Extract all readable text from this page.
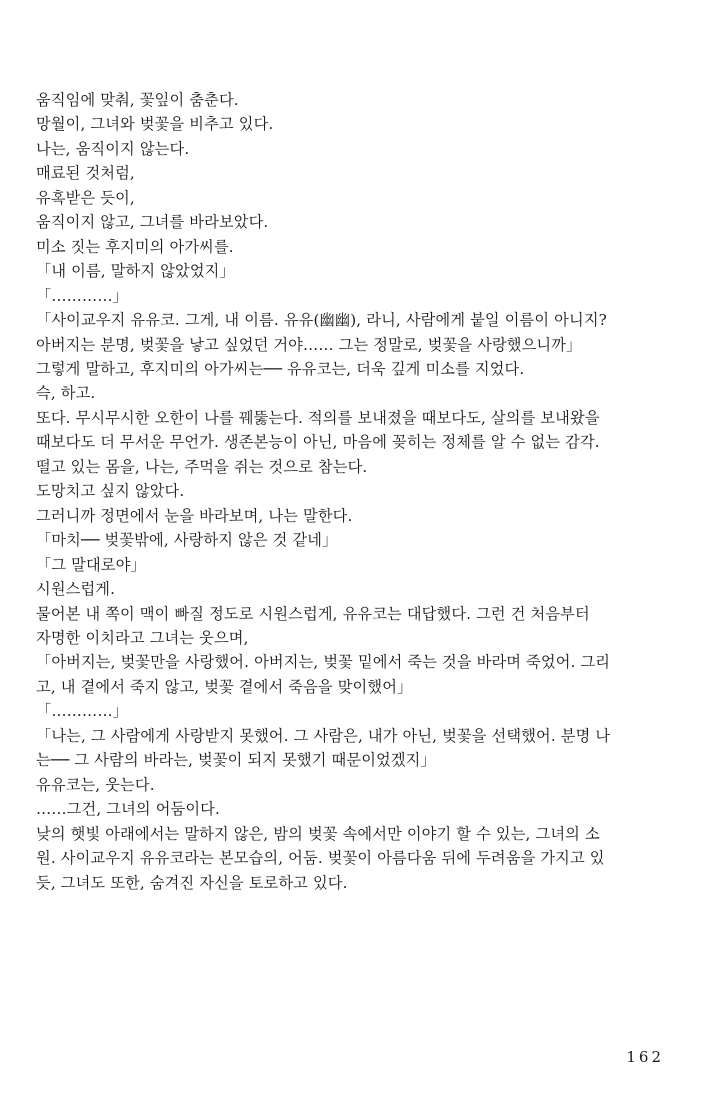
움직임에 맞춰, 꽃잎이 춤춘다.
망월이, 그녀와 벚꽃을 비추고 있다.
나는, 움직이지 않는다.
매료된 것처럼,
유혹받은 듯이,
움직이지 않고, 그녀를 바라보았다.
미소 짓는 후지미의 아가씨를.
「내 이름, 말하지 않았었지」
「…………」
「사이교우지 유유코. 그게, 내 이름. 유유(幽幽), 라니, 사람에게 붙일 이름이 아니지?
아버지는 분명, 벚꽃을 낳고 싶었던 거야…… 그는 정말로, 벚꽃을 사랑했으니까」
그렇게 말하고, 후지미의 아가씨는── 유유코는, 더욱 깊게 미소를 지었다.
슥, 하고.
또다. 무시무시한 오한이 나를 꿰뚫는다. 적의를 보내졌을 때보다도, 살의를 보내왔을
때보다도 더 무서운 무언가. 생존본능이 아닌, 마음에 꽂히는 정체를 알 수 없는 감각.
떨고 있는 몸을, 나는, 주먹을 쥐는 것으로 참는다.
도망치고 싶지 않았다.
그러니까 정면에서 눈을 바라보며, 나는 말한다.
「마치── 벚꽃밖에, 사랑하지 않은 것 같네」
「그 말대로야」
시원스럽게.
물어본 내 쪽이 맥이 빠질 정도로 시원스럽게, 유유코는 대답했다. 그런 건 처음부터
자명한 이치라고 그녀는 웃으며,
「아버지는, 벚꽃만을 사랑했어. 아버지는, 벚꽃 밑에서 죽는 것을 바라며 죽었어. 그리
고, 내 곁에서 죽지 않고, 벚꽃 곁에서 죽음을 맞이했어」
「…………」
「나는, 그 사람에게 사랑받지 못했어. 그 사람은, 내가 아닌, 벚꽃을 선택했어. 분명 나
는── 그 사람의 바라는, 벚꽃이 되지 못했기 때문이었겠지」
유유코는, 웃는다.
……그건, 그녀의 어둠이다.
낮의 햇빛 아래에서는 말하지 않은, 밤의 벚꽃 속에서만 이야기 할 수 있는, 그녀의 소
원. 사이교우지 유유코라는 본모습의, 어둠. 벚꽃이 아름다움 뒤에 두려움을 가지고 있
듯, 그녀도 또한, 숨겨진 자신을 토로하고 있다.
162
